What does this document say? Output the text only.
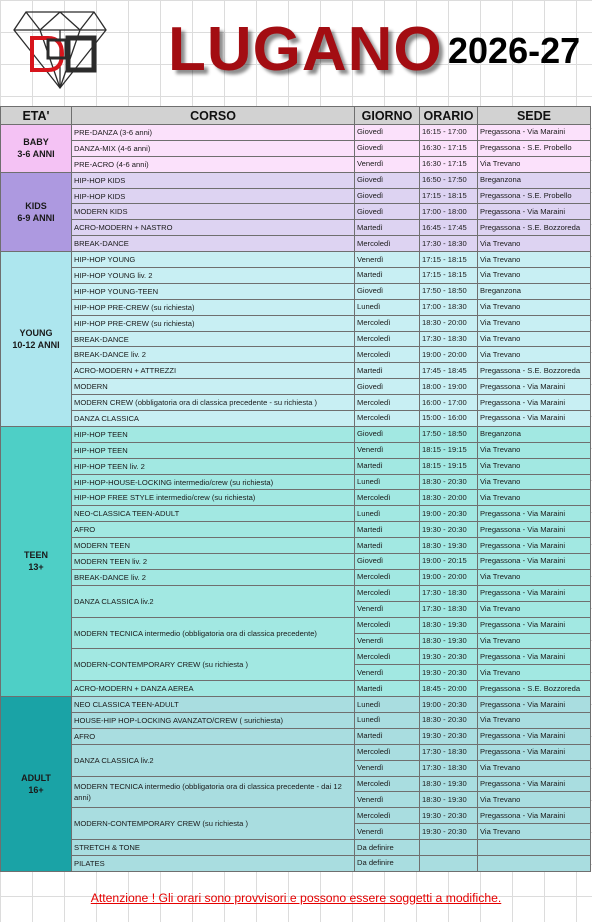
LUGANO 2026-27
ETA'	CORSO	GIORNO	ORARIO	SEDE

BABY
3-6 ANNI	PRE-DANZA (3-6 anni)	Giovedì	16:15 - 17:00	Pregassona - Via Maraini
	DANZA-MIX (4-6 anni)	Giovedì	16:30 - 17:15	Pregassona - S.E. Probello
	PRE-ACRO (4-6 anni)	Venerdì	16:30 - 17:15	Via Trevano

KIDS
6-9 ANNI	HIP-HOP KIDS	Giovedì	16:50 - 17:50	Breganzona
	HIP-HOP KIDS	Giovedì	17:15 - 18:15	Pregassona - S.E. Probello
	MODERN KIDS	Giovedì	17:00 - 18:00	Pregassona - Via Maraini
	ACRO-MODERN + NASTRO	Martedì	16:45 - 17:45	Pregassona - S.E. Bozzoreda
	BREAK-DANCE	Mercoledì	17:30 - 18:30	Via Trevano

YOUNG
10-12 ANNI	HIP-HOP YOUNG	Venerdì	17:15 - 18:15	Via Trevano
	HIP-HOP YOUNG liv. 2	Martedì	17:15 - 18:15	Via Trevano
	HIP-HOP YOUNG-TEEN	Giovedì	17:50 - 18:50	Breganzona
	HIP-HOP PRE-CREW (su richiesta)	Lunedì	17:00 - 18:30	Via Trevano
	HIP-HOP PRE-CREW (su richiesta)	Mercoledì	18:30 - 20:00	Via Trevano
	BREAK-DANCE	Mercoledì	17:30 - 18:30	Via Trevano
	BREAK-DANCE liv. 2	Mercoledì	19:00 - 20:00	Via Trevano
	ACRO-MODERN + ATTREZZI	Martedì	17:45 - 18:45	Pregassona - S.E. Bozzoreda
	MODERN	Giovedì	18:00 - 19:00	Pregassona - Via Maraini
	MODERN CREW (obbligatoria ora di classica precedente - su richiesta )	Mercoledì	16:00 - 17:00	Pregassona - Via Maraini
	DANZA CLASSICA	Mercoledì	15:00 - 16:00	Pregassona - Via Maraini

TEEN
13+	HIP-HOP TEEN	Giovedì	17:50 - 18:50	Breganzona
	HIP-HOP TEEN	Venerdì	18:15 - 19:15	Via Trevano
	HIP-HOP TEEN liv. 2	Martedì	18:15 - 19:15	Via Trevano
	HIP-HOP-HOUSE-LOCKING intermedio/crew (su richiesta)	Lunedì	18:30 - 20:30	Via Trevano
	HIP-HOP FREE STYLE intermedio/crew (su richiesta)	Mercoledì	18:30 - 20:00	Via Trevano
	NEO-CLASSICA TEEN-ADULT	Lunedì	19:00 - 20:30	Pregassona - Via Maraini
	AFRO	Martedì	19:30 - 20:30	Pregassona - Via Maraini
	MODERN TEEN	Martedì	18:30 - 19:30	Pregassona - Via Maraini
	MODERN TEEN liv. 2	Giovedì	19:00 - 20:15	Pregassona - Via Maraini
	BREAK-DANCE liv. 2	Mercoledì	19:00 - 20:00	Via Trevano
	DANZA CLASSICA liv.2	Mercoledì	17:30 - 18:30	Pregassona - Via Maraini
		Venerdì	17:30 - 18:30	Via Trevano
	MODERN TECNICA intermedio (obbligatoria ora di classica precedente)	Mercoledì	18:30 - 19:30	Pregassona - Via Maraini
		Venerdì	18:30 - 19:30	Via Trevano
	MODERN-CONTEMPORARY CREW (su richiesta )	Mercoledì	19:30 - 20:30	Pregassona - Via Maraini
		Venerdì	19:30 - 20:30	Via Trevano
	ACRO-MODERN + DANZA AEREA	Martedì	18:45 - 20:00	Pregassona - S.E. Bozzoreda

ADULT
16+	NEO CLASSICA TEEN-ADULT	Lunedì	19:00 - 20:30	Pregassona - Via Maraini
	HOUSE-HIP HOP-LOCKING AVANZATO/CREW ( surichiesta)	Lunedì	18:30 - 20:30	Via Trevano
	AFRO	Martedì	19:30 - 20:30	Pregassona - Via Maraini
	DANZA CLASSICA liv.2	Mercoledì	17:30 - 18:30	Pregassona - Via Maraini
		Venerdì	17:30 - 18:30	Via Trevano
	MODERN TECNICA intermedio (obbligatoria ora di classica precedente - dai 12 anni)	Mercoledì	18:30 - 19:30	Pregassona - Via Maraini
		Venerdì	18:30 - 19:30	Via Trevano
	MODERN-CONTEMPORARY CREW (su richiesta )	Mercoledì	19:30 - 20:30	Pregassona - Via Maraini
		Venerdì	19:30 - 20:30	Via Trevano
	STRETCH & TONE	Da definire		
	PILATES	Da definire		
Attenzione ! Gli orari sono provvisori e possono essere soggetti a modifiche.
